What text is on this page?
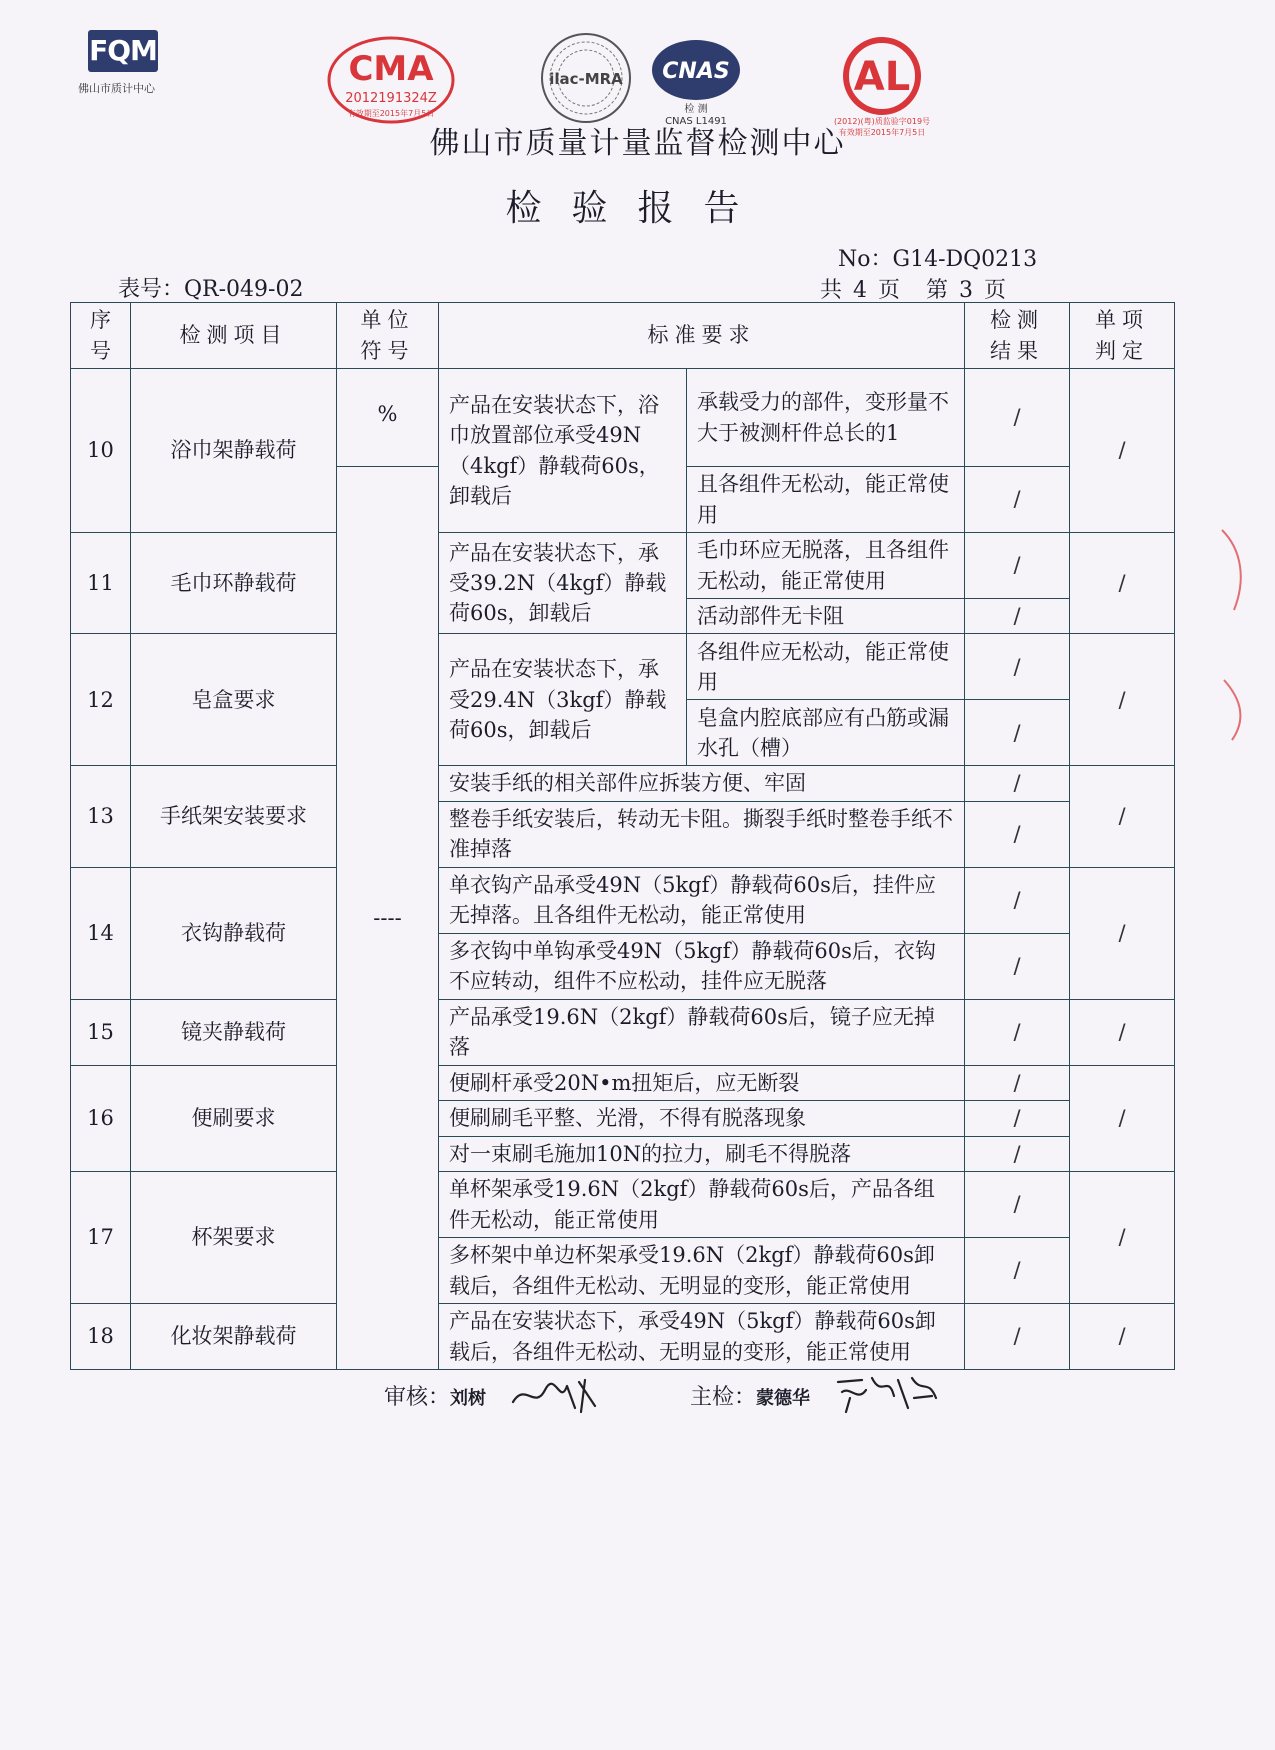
FQM
佛山市质计中心	CMA
2012191324Z
有效期至2015年7月5日
ilac-MRA CNAS
检 测
CNAS L1491
AL
(2012)(粤)质监验字019号
有效期至2015年7月5日
佛山市质量计量监督检测中心
检验报告
No：G14-DQ0213
共 4 页　第 3 页
表号：QR-049-02
序号	检测项目	单位符号	标准要求		检测结果	单项判定
10	浴巾架静载荷	%	产品在安装状态下，浴巾放置部位承受49N（4kgf）静载荷60s，卸载后	承载受力的部件，变形量不大于被测杆件总长的1	/	/
		----		且各组件无松动，能正常使用	/	
11	毛巾环静载荷		产品在安装状态下，承受39.2N（4kgf）静载荷60s，卸载后	毛巾环应无脱落，且各组件无松动，能正常使用	/	/
				活动部件无卡阻	/	
12	皂盒要求		产品在安装状态下，承受29.4N（3kgf）静载荷60s，卸载后	各组件应无松动，能正常使用	/	/
				皂盒内腔底部应有凸筋或漏水孔（槽）	/	
13	手纸架安装要求		安装手纸的相关部件应拆装方便、牢固		/	/
			整卷手纸安装后，转动无卡阻。撕裂手纸时整卷手纸不准掉落		/	
14	衣钩静载荷		单衣钩产品承受49N（5kgf）静载荷60s后，挂件应无掉落。且各组件无松动，能正常使用		/	/
			多衣钩中单钩承受49N（5kgf）静载荷60s后，衣钩不应转动，组件不应松动，挂件应无脱落		/	
15	镜夹静载荷		产品承受19.6N（2kgf）静载荷60s后，镜子应无掉落		/	/
16	便刷要求		便刷杆承受20N•m扭矩后，应无断裂		/	/
			便刷刷毛平整、光滑，不得有脱落现象		/	
			对一束刷毛施加10N的拉力，刷毛不得脱落		/	
17	杯架要求		单杯架承受19.6N（2kgf）静载荷60s后，产品各组件无松动，能正常使用		/	/
			多杯架中单边杯架承受19.6N（2kgf）静载荷60s卸载后，各组件无松动、无明显的变形，能正常使用		/	
18	化妆架静载荷		产品在安装状态下，承受49N（5kgf）静载荷60s卸载后，各组件无松动、无明显的变形，能正常使用		/	/
审核：刘树	主检：蒙德华
